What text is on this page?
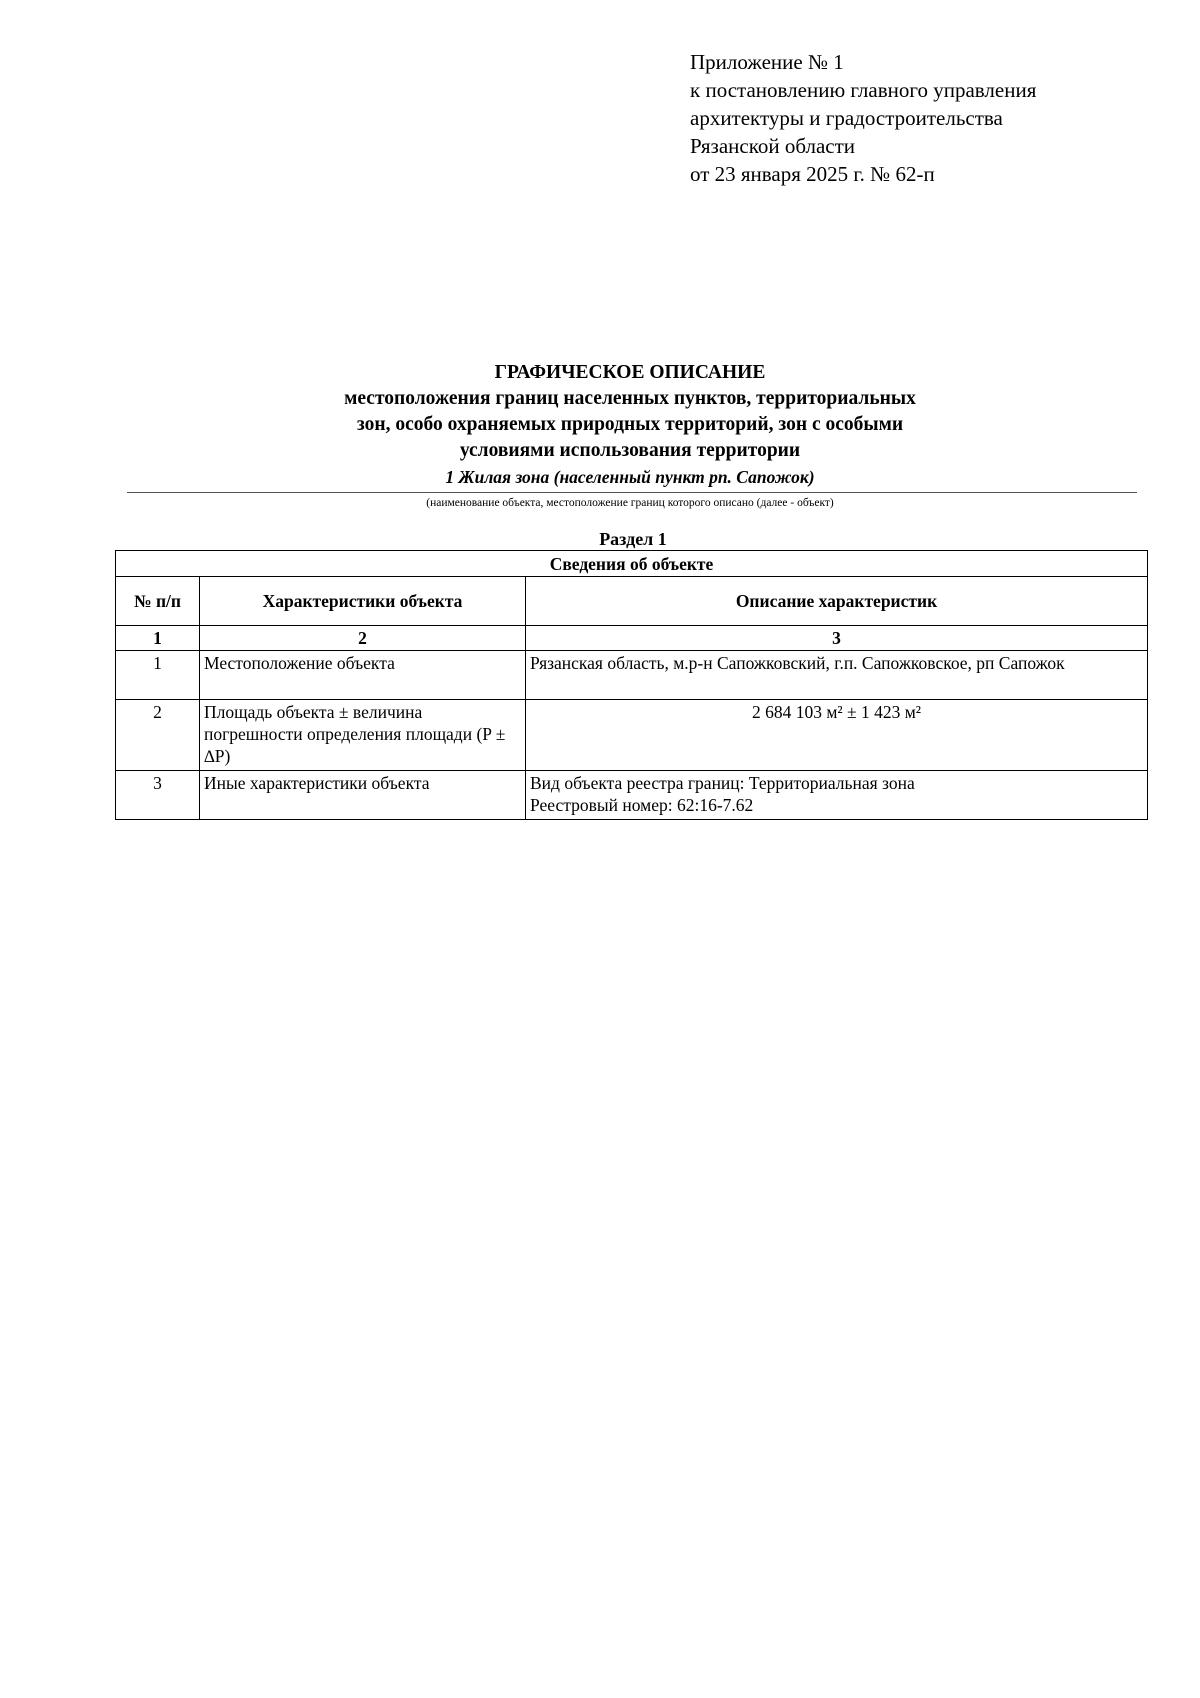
Приложение № 1
к постановлению главного управления
архитектуры и градостроительства
Рязанской области
от 23 января 2025 г. № 62-п
ГРАФИЧЕСКОЕ ОПИСАНИЕ
местоположения границ населенных пунктов, территориальных
зон, особо охраняемых природных территорий, зон с особыми
условиями использования территории
1 Жилая зона (населенный пункт рп. Сапожок)
(наименование объекта, местоположение границ которого описано (далее - объект)
Раздел 1
Сведения об объекте		
№ п/п	Характеристики объекта	Описание характеристик
1	2	3
1	Местоположение объекта	Рязанская область, м.р-н Сапожковский, г.п. Сапожковское, рп Сапожок
2	Площадь объекта ± величина погрешности определения площади (P ± ∆P)	2 684 103 м² ± 1 423 м²
3	Иные характеристики объекта	Вид объекта реестра границ: Территориальная зона
Реестровый номер: 62:16-7.62
